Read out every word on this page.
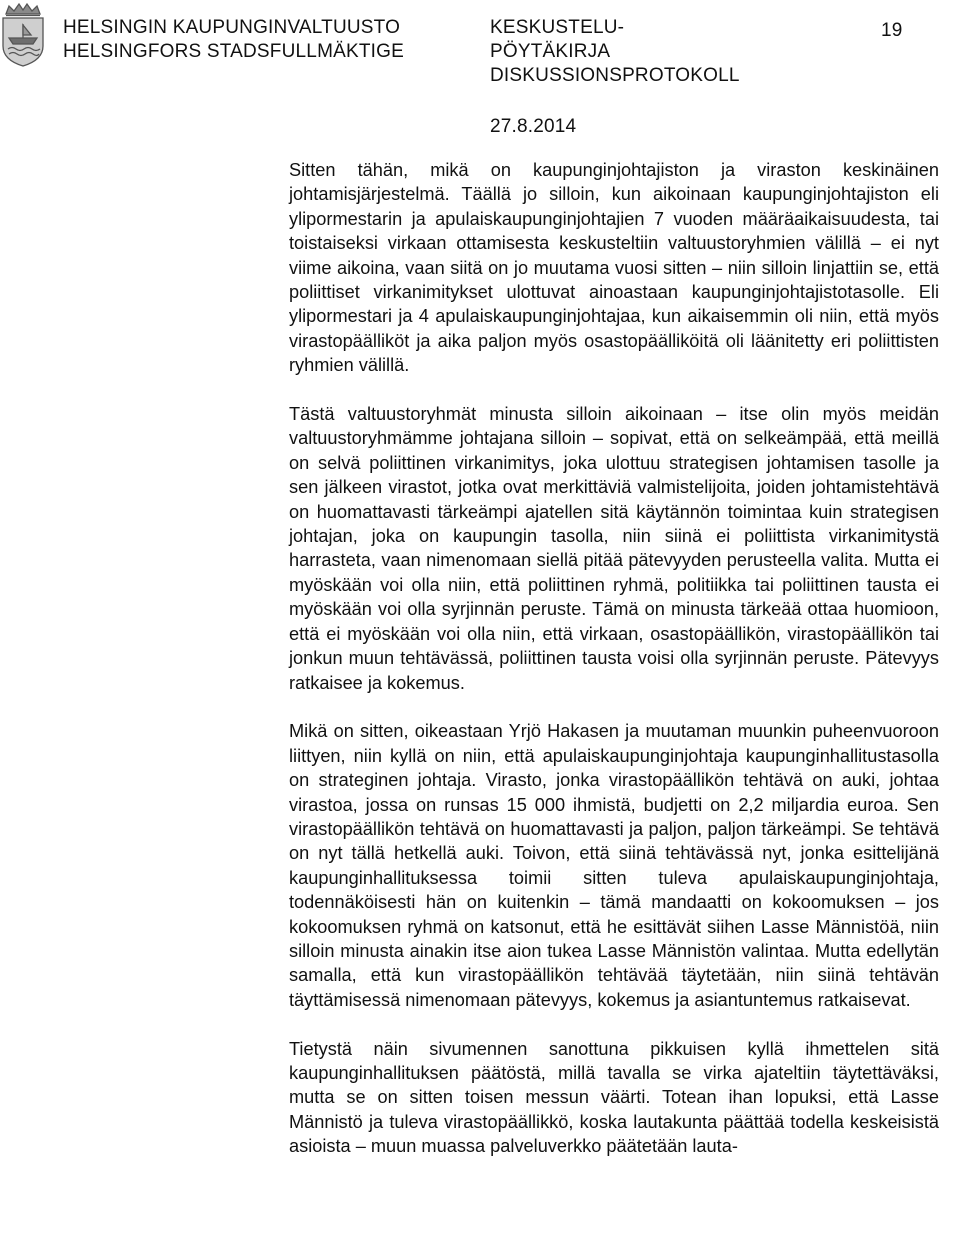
HELSINGIN KAUPUNGINVALTUUSTO
HELSINGFORS STADSFULLMÄKTIGE
KESKUSTELU-
PÖYTÄKIRJA
DISKUSSIONSPROTOKOLL
27.8.2014
19

Sitten tähän, mikä on kaupunginjohtajiston ja viraston keskinäinen johtamisjärjestelmä. Täällä jo silloin, kun aikoinaan kaupunginjohtajiston eli ylipormestarin ja apulaiskaupunginjohtajien 7 vuoden määräaikaisuudesta, tai toistaiseksi virkaan ottamisesta keskusteltiin valtuustoryhmien välillä – ei nyt viime aikoina, vaan siitä on jo muutama vuosi sitten – niin silloin linjattiin se, että poliittiset virkanimitykset ulottuvat ainoastaan kaupunginjohtajistotasolle. Eli ylipormestari ja 4 apulaiskaupunginjohtajaa, kun aikaisemmin oli niin, että myös virastopäälliköt ja aika paljon myös osastopäälliköitä oli läänitetty eri poliittisten ryhmien välillä.

Tästä valtuustoryhmät minusta silloin aikoinaan – itse olin myös meidän valtuustoryhmämme johtajana silloin – sopivat, että on selkeämpää, että meillä on selvä poliittinen virkanimitys, joka ulottuu strategisen johtamisen tasolle ja sen jälkeen virastot, jotka ovat merkittäviä valmistelijoita, joiden johtamistehtävä on huomattavasti tärkeämpi ajatellen sitä käytännön toimintaa kuin strategisen johtajan, joka on kaupungin tasolla, niin siinä ei poliittista virkanimitystä harrasteta, vaan nimenomaan siellä pitää pätevyyden perusteella valita. Mutta ei myöskään voi olla niin, että poliittinen ryhmä, politiikka tai poliittinen tausta ei myöskään voi olla syrjinnän peruste. Tämä on minusta tärkeää ottaa huomioon, että ei myöskään voi olla niin, että virkaan, osastopäällikön, virastopäällikön tai jonkun muun tehtävässä, poliittinen tausta voisi olla syrjinnän peruste. Pätevyys ratkaisee ja kokemus.

Mikä on sitten, oikeastaan Yrjö Hakasen ja muutaman muunkin puheenvuoroon liittyen, niin kyllä on niin, että apulaiskaupunginjohtaja kaupunginhallitustasolla on strateginen johtaja. Virasto, jonka virastopäällikön tehtävä on auki, johtaa virastoa, jossa on runsas 15 000 ihmistä, budjetti on 2,2 miljardia euroa. Sen virastopäällikön tehtävä on huomattavasti ja paljon, paljon tärkeämpi. Se tehtävä on nyt tällä hetkellä auki. Toivon, että siinä tehtävässä nyt, jonka esittelijänä kaupunginhallituksessa toimii sitten tuleva apulaiskaupunginjohtaja, todennäköisesti hän on kuitenkin – tämä mandaatti on kokoomuksen – jos kokoomuksen ryhmä on katsonut, että he esittävät siihen Lasse Männistöä, niin silloin minusta ainakin itse aion tukea Lasse Männistön valintaa. Mutta edellytän samalla, että kun virastopäällikön tehtävää täytetään, niin siinä tehtävän täyttämisessä nimenomaan pätevyys, kokemus ja asiantuntemus ratkaisevat.

Tietystä näin sivumennen sanottuna pikkuisen kyllä ihmettelen sitä kaupunginhallituksen päätöstä, millä tavalla se virka ajateltiin täytettäväksi, mutta se on sitten toisen messun väärti. Totean ihan lopuksi, että Lasse Männistö ja tuleva virastopäällikkö, koska lautakunta päättää todella keskeisistä asioista – muun muassa palveluverkko päätetään lauta-
